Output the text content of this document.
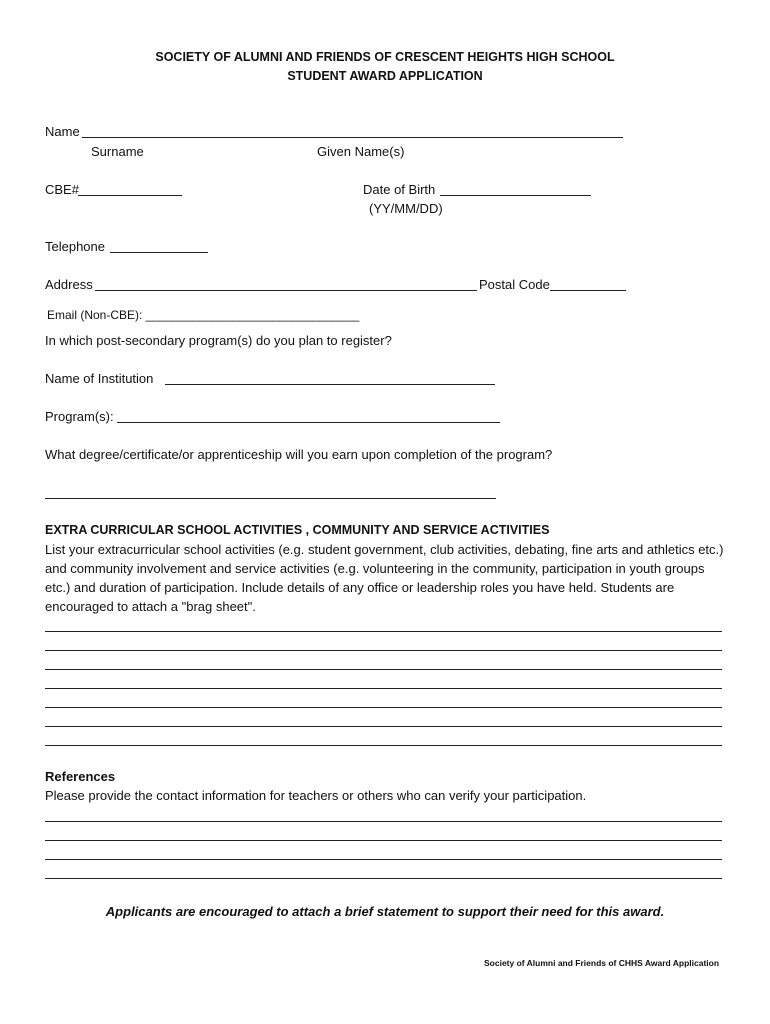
SOCIETY OF ALUMNI AND FRIENDS OF CRESCENT HEIGHTS HIGH SCHOOL
STUDENT AWARD APPLICATION
Name
Surname	Given Name(s)
CBE#	Date of Birth
(YY/MM/DD)
Telephone
Address	Postal Code
Email (Non-CBE): ________________________________
In which post-secondary program(s) do you plan to register?
Name of Institution
Program(s):
What degree/certificate/or apprenticeship will you earn upon completion of the program?
EXTRA CURRICULAR SCHOOL ACTIVITIES , COMMUNITY AND SERVICE ACTIVITIES
List your extracurricular school activities (e.g. student government, club activities, debating, fine arts and athletics etc.) and community involvement and service activities (e.g. volunteering in the community, participation in youth groups etc.) and duration of participation. Include details of any office or leadership roles you have held. Students are encouraged to attach a "brag sheet".
References
Please provide the contact information for teachers or others who can verify your participation.
Applicants are encouraged to attach a brief statement to support their need for this award.
Society of Alumni and Friends of CHHS Award Application
